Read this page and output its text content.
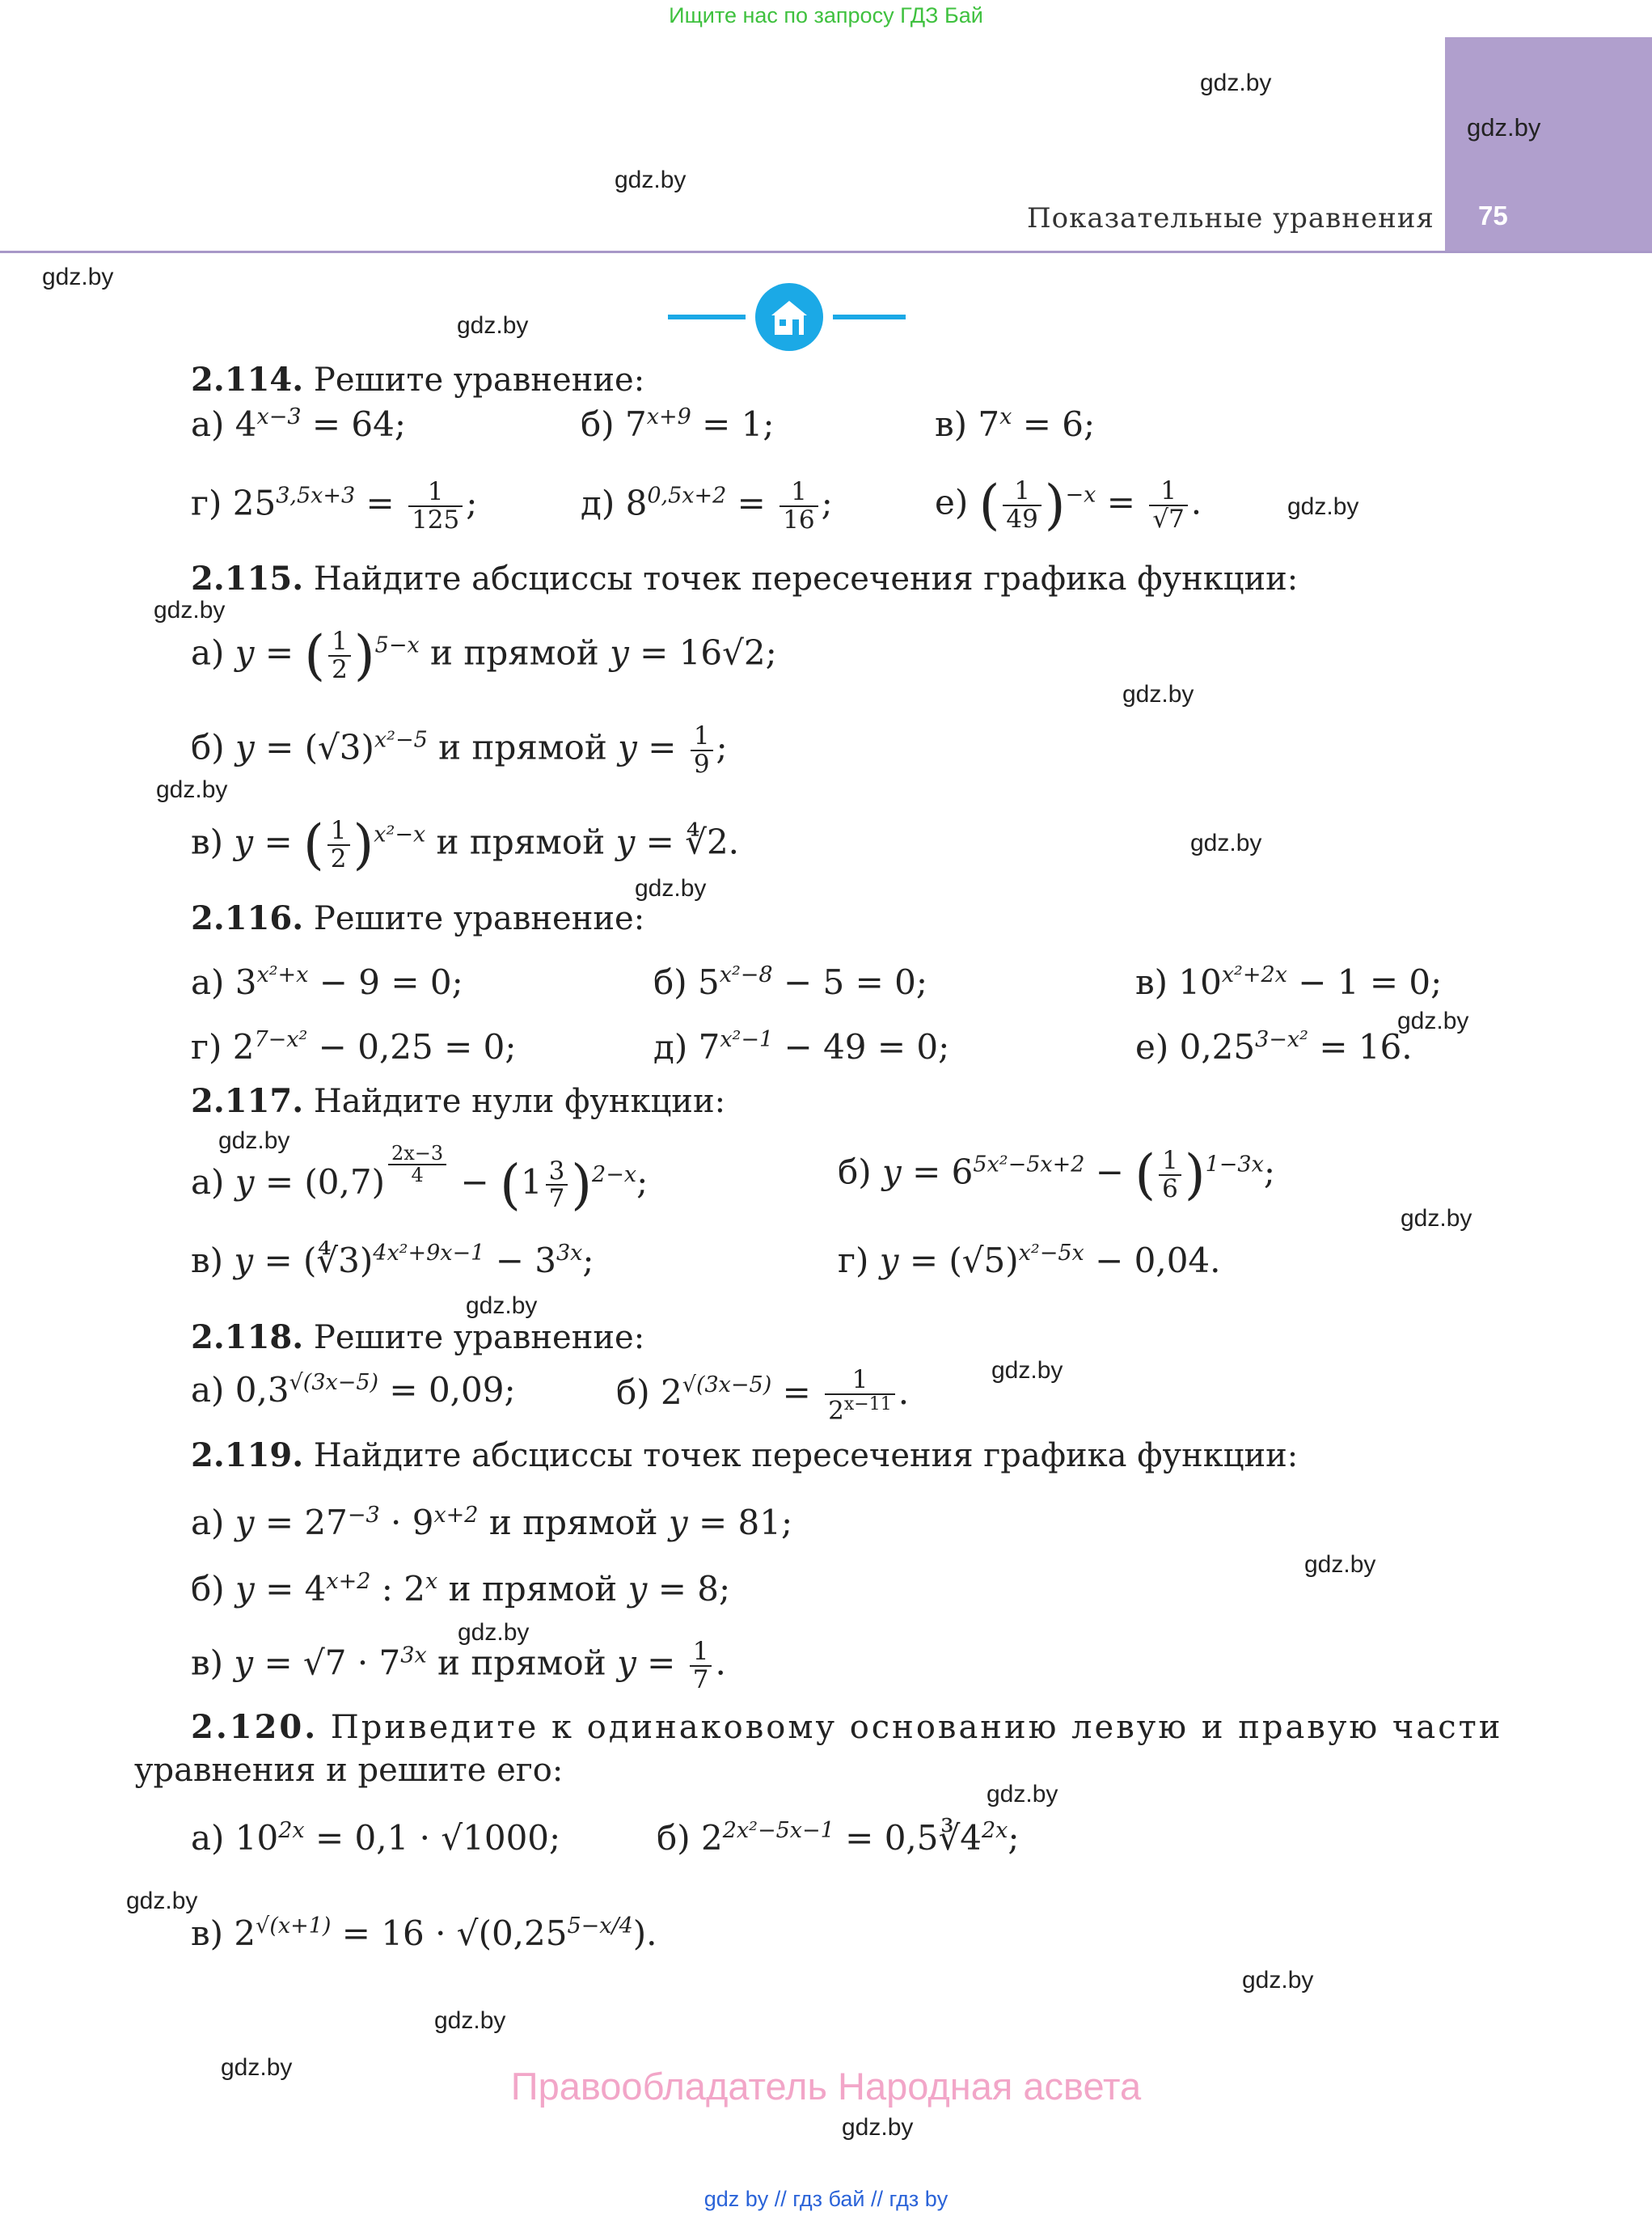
Ищите нас по запросу ГДЗ Бай
gdz.by
75
Показательные уравнения
gdz.by
gdz.by
gdz.by
gdz.by
gdz.by
gdz.by
gdz.by
gdz.by
gdz.by
gdz.by
gdz.by
gdz.by
gdz.by
gdz.by
gdz.by
gdz.by
gdz.by
gdz.by
gdz.by
gdz.by
gdz.by
gdz.by
gdz.by
2.114. Решите уравнение:
а) $4^{x-3} = 64$;	б) $7^{x+9} = 1$;	в) $7^x = 6$;
г) $25^{3,5x+3} = \frac{1}{125}$ ;	д) $8^{0,5x+2} = \frac{1}{16}$ ;	е) ( $\frac{1}{49} )^{-x} = \frac{1}{√7}$ .
2.115. Найдите абсциссы точек пересечения графика функции:
а) y = ( $\frac{1}{2} )^{5-x}$ и прямой y = 16√2;
б) $y = (√3)^{x^2-5}$ и прямой $y = \frac{1}{9}$ ;
в) y = ( $\frac{1}{2} )^{x^2-x}$ и прямой y = ∜2.
2.116. Решите уравнение:
а) $3^{x^2+x} - 9 = 0$;	б) $5^{x^2-8} - 5 = 0$;	в) $10^{x^2+2x} - 1 = 0$;
г) $2^{7-x^2} - 0,25 = 0$;	д) $7^{x^2-1} - 49 = 0$;	е) $0,25^{3-x^2} = 16$.
2.117. Найдите нули функции:
а) $y = (0,7) \frac{2x-3}{4} - (1 \frac{3}{7} )^{2-x}$;	б) $y = 6^{5x^2-5x+2}$ − ( $\frac{1}{6} )^{1-3x}$;
в) y = (∜3)$^{4x^2+9x-1}$ − $3^{3x}$;	г) $y = (√5)^{x^2-5x} - 0,04$.
2.118. Решите уравнение:
а) $0,3^{√(3x-5)} = 0,09$;	б) $2^{√(3x-5)} = \frac{1}{2^{x-11}}$ .
2.119. Найдите абсциссы точек пересечения графика функции:
а) $y = 27^{-3} \cdot 9^{x+2}$ и прямой y = 81;
б) $y = 4^{x+2}$ : 2$^x$ и прямой y = 8;
в) $y = √7 \cdot 7^{3x}$ и прямой $y = \frac{1}{7}$ .
2.120. Приведите к одинаковому основанию левую и правую части
уравнения и решите его:
а) $10^{2x} = 0,1 \cdot √1000$;	б) $2^{2x^2-5x-1}$ = $0,5∛4^{2x}$;
в) $2^{√(x+1)} = 16 \cdot √(0,25^{5-x/4})$.
Правообладатель Народная асвета
gdz by // гдз бай // гдз by
